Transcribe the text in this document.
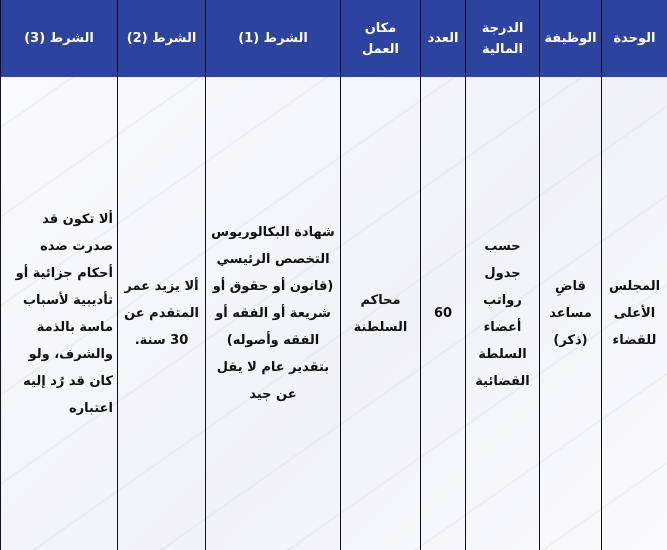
الوحدة	الوظيفة	الدرجة المالية	العدد	مكان العمل	الشرط (1)	الشرط (2)	الشرط (3)

المجلس الأعلى للقضاء	قاضِ مساعد (ذكر)	حسب جدول رواتب أعضاء السلطة القضائية	60	محاكم السلطنة	شهادة البكالوريوس التخصص الرئيسي (قانون أو حقوق أو شريعة أو الفقه أو الفقه وأصوله) بتقدير عام لا يقل عن جيد	ألا يزيد عمر المتقدم عن 30 سنة.	ألا تكون قد صدرت ضده أحكام جزائية أو تأديبية لأسباب ماسة بالذمة والشرف، ولو كان قد رُد إليه اعتباره
